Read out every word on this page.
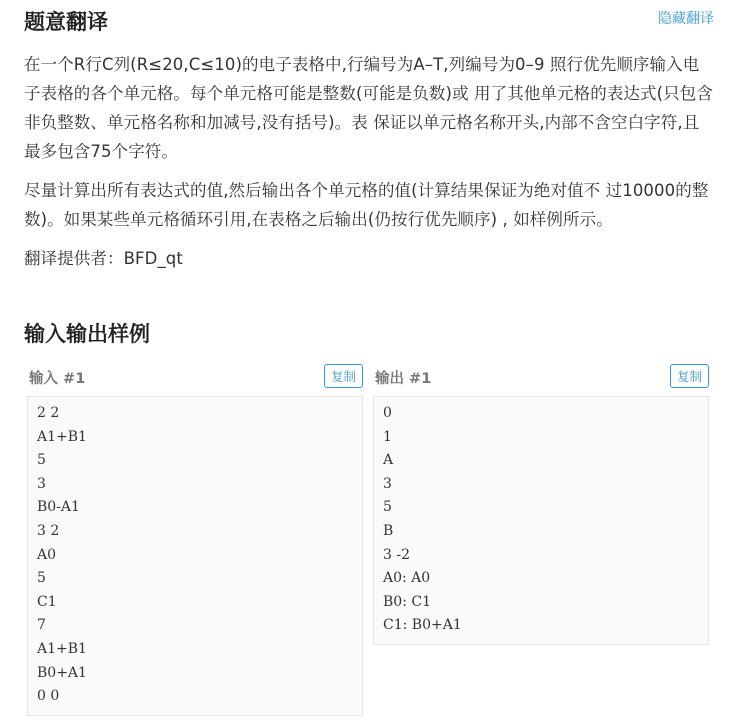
题意翻译	隐藏翻译

在一个R行C列(R≤20,C≤10)的电子表格中,行编号为A–T,列编号为0–9 照行优先顺序输入电子表格的各个单元格。每个单元格可能是整数(可能是负数)或 用了其他单元格的表达式(只包含非负整数、单元格名称和加减号,没有括号)。表 保证以单元格名称开头,内部不含空白字符,且最多包含75个字符。

尽量计算出所有表达式的值,然后输出各个单元格的值(计算结果保证为绝对值不 过10000的整数)。如果某些单元格循环引用,在表格之后输出(仍按行优先顺序) , 如样例所示。

翻译提供者：BFD_qt

输入输出样例
输入 #1	复制
2 2
A1+B1
5
3
B0-A1
3 2
A0
5
C1
7
A1+B1
B0+A1
0 0
输出 #1	复制
0
1
A
3
5
B
3 -2
A0: A0
B0: C1
C1: B0+A1
